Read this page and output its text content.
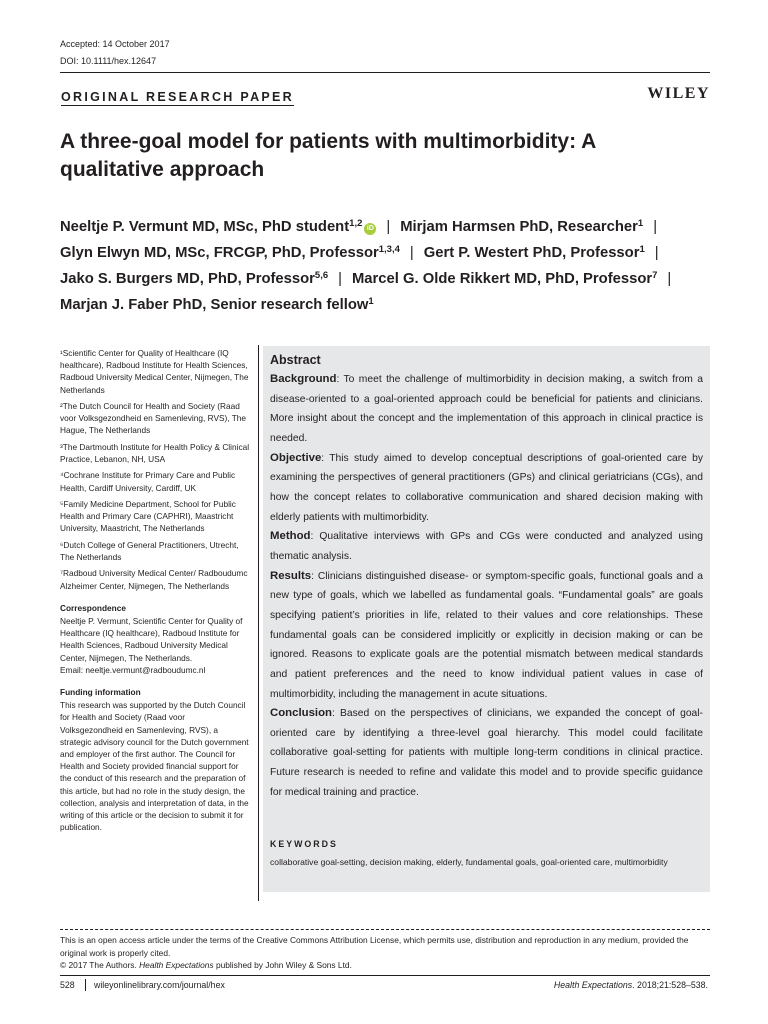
Accepted: 14 October 2017
DOI: 10.1111/hex.12647
ORIGINAL RESEARCH PAPER	WILEY
A three-goal model for patients with multimorbidity: A qualitative approach
Neeltje P. Vermunt MD, MSc, PhD student$^{1,2}$ iD | Mirjam Harmsen PhD, Researcher$^1$ |
Glyn Elwyn MD, MSc, FRCGP, PhD, Professor$^{1,3,4}$ | Gert P. Westert PhD, Professor$^1$ |
Jako S. Burgers MD, PhD, Professor$^{5,6}$ | Marcel G. Olde Rikkert MD, PhD, Professor$^7$ |
Marjan J. Faber PhD, Senior research fellow$^1$

¹Scientific Center for Quality of Healthcare (IQ healthcare), Radboud Institute for Health Sciences, Radboud University Medical Center, Nijmegen, The Netherlands

²The Dutch Council for Health and Society (Raad voor Volksgezondheid en Samenleving, RVS), The Hague, The Netherlands

³The Dartmouth Institute for Health Policy & Clinical Practice, Lebanon, NH, USA

⁴Cochrane Institute for Primary Care and Public Health, Cardiff University, Cardiff, UK

⁵Family Medicine Department, School for Public Health and Primary Care (CAPHRI), Maastricht University, Maastricht, The Netherlands

⁶Dutch College of General Practitioners, Utrecht, The Netherlands

⁷Radboud University Medical Center/ Radboudumc Alzheimer Center, Nijmegen, The Netherlands

Correspondence

Neeltje P. Vermunt, Scientific Center for Quality of Healthcare (IQ healthcare), Radboud Institute for Health Sciences, Radboud University Medical Center, Nijmegen, The Netherlands.

Email: neeltje.vermunt@radboudumc.nl

Funding information

This research was supported by the Dutch Council for Health and Society (Raad voor Volksgezondheid en Samenleving, RVS), a strategic advisory council for the Dutch government and employer of the first author. The Council for Health and Society provided financial support for the conduct of this research and the preparation of this article, but had no role in the study design, the collection, analysis and interpretation of data, in the writing of this article or the decision to submit it for publication.

Abstract

Background: To meet the challenge of multimorbidity in decision making, a switch from a disease-oriented to a goal-oriented approach could be beneficial for patients and clinicians. More insight about the concept and the implementation of this approach in clinical practice is needed.

Objective: This study aimed to develop conceptual descriptions of goal-oriented care by examining the perspectives of general practitioners (GPs) and clinical geriatricians (CGs), and how the concept relates to collaborative communication and shared decision making with elderly patients with multimorbidity.

Method: Qualitative interviews with GPs and CGs were conducted and analyzed using thematic analysis.

Results: Clinicians distinguished disease- or symptom-specific goals, functional goals and a new type of goals, which we labelled as fundamental goals. “Fundamental goals” are goals specifying patient’s priorities in life, related to their values and core relationships. These fundamental goals can be considered implicitly or explicitly in decision making or can be ignored. Reasons to explicate goals are the potential mismatch between medical standards and patient preferences and the need to know individual patient values in case of multimorbidity, including the management in acute situations.

Conclusion: Based on the perspectives of clinicians, we expanded the concept of goal-oriented care by identifying a three-level goal hierarchy. This model could facilitate collaborative goal-setting for patients with multiple long-term conditions in clinical practice. Future research is needed to refine and validate this model and to provide specific guidance for medical training and practice.

KEYWORDS
collaborative goal-setting, decision making, elderly, fundamental goals, goal-oriented care, multimorbidity

This is an open access article under the terms of the Creative Commons Attribution License, which permits use, distribution and reproduction in any medium, provided the original work is properly cited.

© 2017 The Authors. Health Expectations published by John Wiley & Sons Ltd.

528 wileyonlinelibrary.com/journal/hex	Health Expectations. 2018;21:528–538.
